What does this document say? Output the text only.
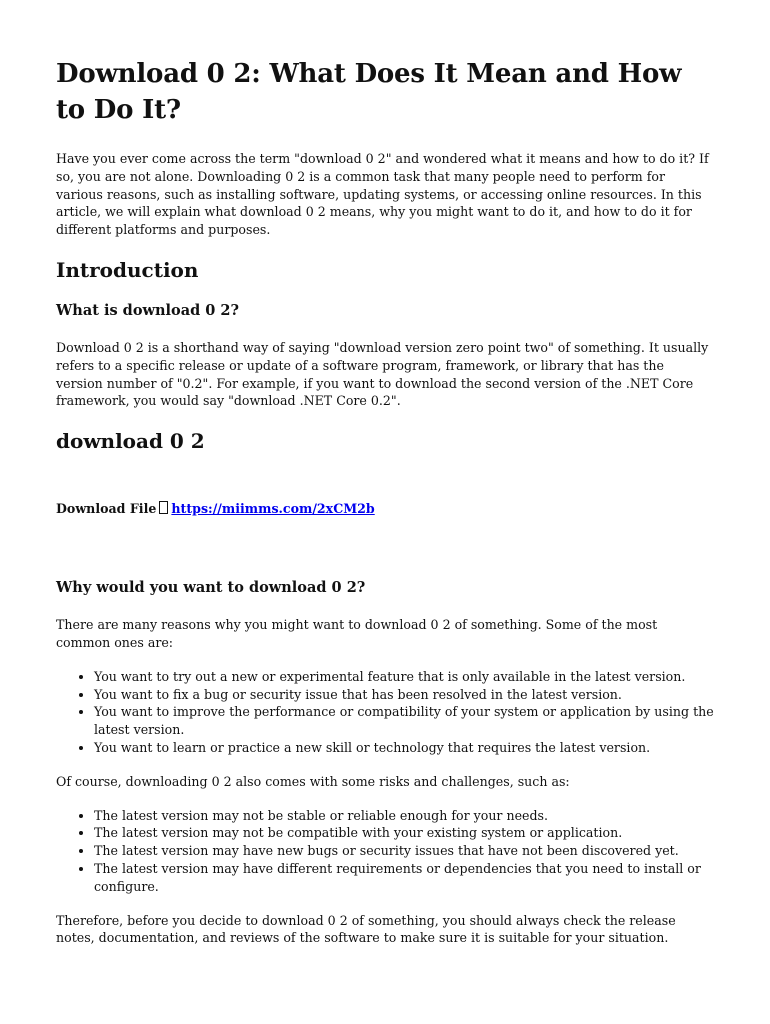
Download 0 2: What Does It Mean and How to Do It?

Have you ever come across the term "download 0 2" and wondered what it means and how to do it? If so, you are not alone. Downloading 0 2 is a common task that many people need to perform for various reasons, such as installing software, updating systems, or accessing online resources. In this article, we will explain what download 0 2 means, why you might want to do it, and how to do it for different platforms and purposes.

Introduction
What is download 0 2?

Download 0 2 is a shorthand way of saying "download version zero point two" of something. It usually refers to a specific release or update of a software program, framework, or library that has the version number of "0.2". For example, if you want to download the second version of the .NET Core framework, you would say "download .NET Core 0.2".

download 0 2
Download File https://miimms.com/2xCM2b
Why would you want to download 0 2?

There are many reasons why you might want to download 0 2 of something. Some of the most common ones are:

• You want to try out a new or experimental feature that is only available in the latest version.
• You want to fix a bug or security issue that has been resolved in the latest version.
• You want to improve the performance or compatibility of your system or application by using the latest version.
• You want to learn or practice a new skill or technology that requires the latest version.

Of course, downloading 0 2 also comes with some risks and challenges, such as:

• The latest version may not be stable or reliable enough for your needs.
• The latest version may not be compatible with your existing system or application.
• The latest version may have new bugs or security issues that have not been discovered yet.
• The latest version may have different requirements or dependencies that you need to install or configure.

Therefore, before you decide to download 0 2 of something, you should always check the release notes, documentation, and reviews of the software to make sure it is suitable for your situation.
